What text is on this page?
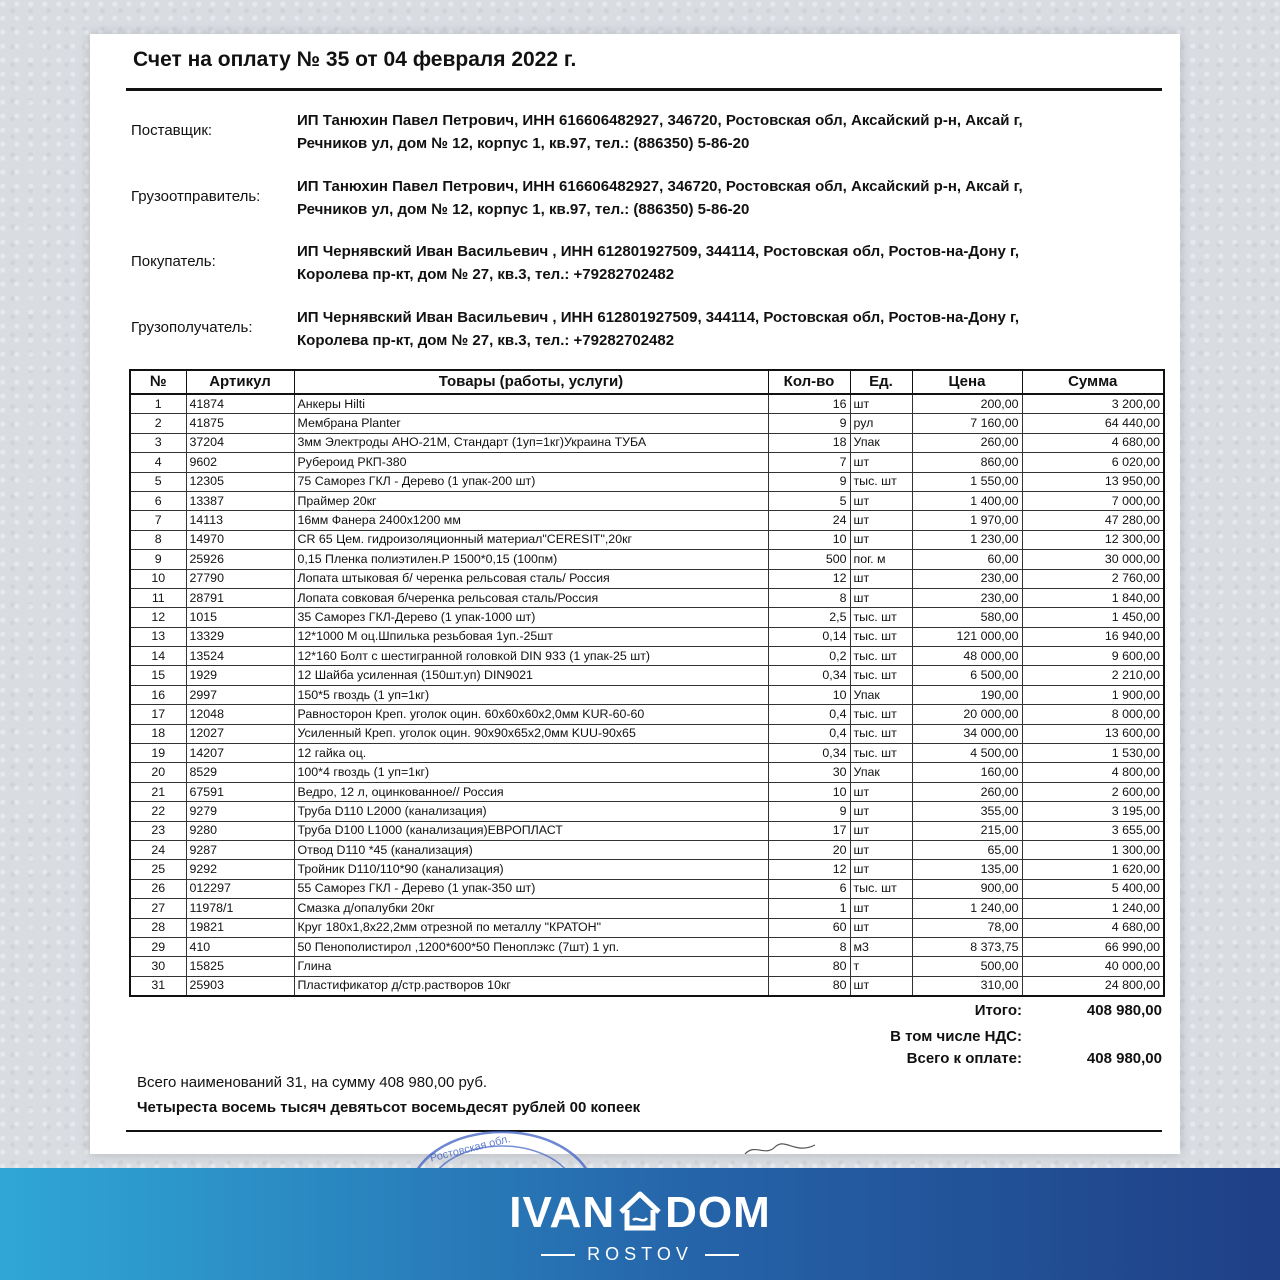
Счет на оплату № 35 от 04 февраля 2022 г.
Поставщик:
ИП Танюхин Павел Петрович, ИНН 616606482927, 346720, Ростовская обл, Аксайский р-н, Аксай г,
Речников ул, дом № 12, корпус 1, кв.97, тел.: (886350) 5-86-20
Грузоотправитель:
ИП Танюхин Павел Петрович, ИНН 616606482927, 346720, Ростовская обл, Аксайский р-н, Аксай г,
Речников ул, дом № 12, корпус 1, кв.97, тел.: (886350) 5-86-20
Покупатель:
ИП Чернявский Иван Васильевич , ИНН 612801927509, 344114, Ростовская обл, Ростов-на-Дону г,
Королева пр-кт, дом № 27, кв.3, тел.: +79282702482
Грузополучатель:
ИП Чернявский Иван Васильевич , ИНН 612801927509, 344114, Ростовская обл, Ростов-на-Дону г,
Королева пр-кт, дом № 27, кв.3, тел.: +79282702482
№	Артикул	Товары (работы, услуги)	Кол-во	Ед.	Цена	Сумма
1	41874	Анкеры Hilti	16	шт	200,00	3 200,00
2	41875	Мембрана Planter	9	рул	7 160,00	64 440,00
3	37204	3мм Электроды АНО-21М, Стандарт (1уп=1кг)Украина ТУБА	18	Упак	260,00	4 680,00
4	9602	Рубероид РКП-380	7	шт	860,00	6 020,00
5	12305	75 Саморез ГКЛ - Дерево (1 упак-200 шт)	9	тыс. шт	1 550,00	13 950,00
6	13387	Праймер 20кг	5	шт	1 400,00	7 000,00
7	14113	16мм Фанера 2400х1200 мм	24	шт	1 970,00	47 280,00
8	14970	CR 65 Цем. гидроизоляционный материал"CERESIT",20кг	10	шт	1 230,00	12 300,00
9	25926	0,15 Пленка полиэтилен.Р 1500*0,15 (100пм)	500	пог. м	60,00	30 000,00
10	27790	Лопата штыковая б/ черенка рельсовая сталь/ Россия	12	шт	230,00	2 760,00
11	28791	Лопата совковая б/черенка рельсовая сталь/Россия	8	шт	230,00	1 840,00
12	1015	35 Саморез ГКЛ-Дерево (1 упак-1000 шт)	2,5	тыс. шт	580,00	1 450,00
13	13329	12*1000 М оц.Шпилька резьбовая 1уп.-25шт	0,14	тыс. шт	121 000,00	16 940,00
14	13524	12*160 Болт с шестигранной головкой DIN 933 (1 упак-25 шт)	0,2	тыс. шт	48 000,00	9 600,00
15	1929	12 Шайба усиленная (150шт.уп) DIN9021	0,34	тыс. шт	6 500,00	2 210,00
16	2997	150*5 гвоздь (1 уп=1кг)	10	Упак	190,00	1 900,00
17	12048	Равносторон Креп. уголок оцин. 60х60х60х2,0мм KUR-60-60	0,4	тыс. шт	20 000,00	8 000,00
18	12027	Усиленный Креп. уголок оцин. 90х90х65х2,0мм KUU-90х65	0,4	тыс. шт	34 000,00	13 600,00
19	14207	12 гайка оц.	0,34	тыс. шт	4 500,00	1 530,00
20	8529	100*4 гвоздь (1 уп=1кг)	30	Упак	160,00	4 800,00
21	67591	Ведро, 12 л, оцинкованное// Россия	10	шт	260,00	2 600,00
22	9279	Труба D110 L2000 (канализация)	9	шт	355,00	3 195,00
23	9280	Труба D100 L1000 (канализация)ЕВРОПЛАСТ	17	шт	215,00	3 655,00
24	9287	Отвод D110 *45 (канализация)	20	шт	65,00	1 300,00
25	9292	Тройник D110/110*90 (канализация)	12	шт	135,00	1 620,00
26	012297	55 Саморез ГКЛ - Дерево (1 упак-350 шт)	6	тыс. шт	900,00	5 400,00
27	11978/1	Смазка д/опалубки 20кг	1	шт	1 240,00	1 240,00
28	19821	Круг 180х1,8х22,2мм отрезной по металлу "КРАТОН"	60	шт	78,00	4 680,00
29	410	50 Пенополистирол ,1200*600*50 Пеноплэкс (7шт) 1 уп.	8	м3	8 373,75	66 990,00
30	15825	Глина	80	т	500,00	40 000,00
31	25903	Пластификатор д/стр.растворов 10кг	80	шт	310,00	24 800,00
Итого:	408 980,00
В том числе НДС:
Всего к оплате:	408 980,00
Всего наименований 31, на сумму 408 980,00 руб.
Четыреста восемь тысяч девятьсот восемьдесят рублей 00 копеек
Ростовская обл.
IVAN DOM
ROSTOV
